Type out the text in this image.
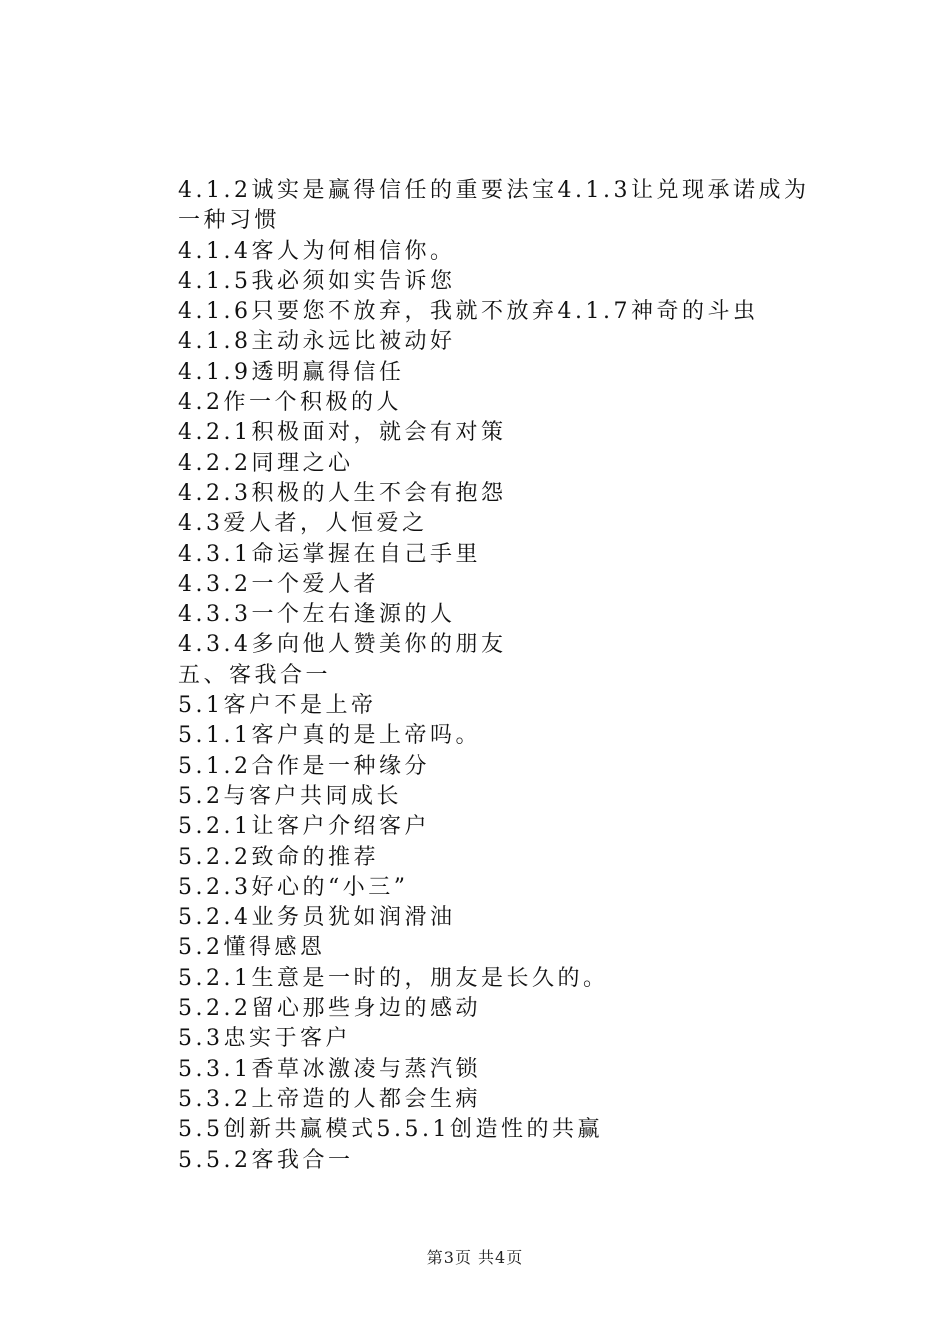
4.1.2诚实是赢得信任的重要法宝4.1.3让兑现承诺成为一种习惯
4.1.4客人为何相信你。
4.1.5我必须如实告诉您
4.1.6只要您不放弃，我就不放弃4.1.7神奇的斗虫
4.1.8主动永远比被动好
4.1.9透明赢得信任
4.2作一个积极的人
4.2.1积极面对，就会有对策
4.2.2同理之心
4.2.3积极的人生不会有抱怨
4.3爱人者，人恒爱之
4.3.1命运掌握在自己手里
4.3.2一个爱人者
4.3.3一个左右逢源的人
4.3.4多向他人赞美你的朋友
五、客我合一
5.1客户不是上帝
5.1.1客户真的是上帝吗。
5.1.2合作是一种缘分
5.2与客户共同成长
5.2.1让客户介绍客户
5.2.2致命的推荐
5.2.3好心的“小三”
5.2.4业务员犹如润滑油
5.2懂得感恩
5.2.1生意是一时的，朋友是长久的。
5.2.2留心那些身边的感动
5.3忠实于客户
5.3.1香草冰激凌与蒸汽锁
5.3.2上帝造的人都会生病
5.5创新共赢模式5.5.1创造性的共赢
5.5.2客我合一
第3页 共4页
